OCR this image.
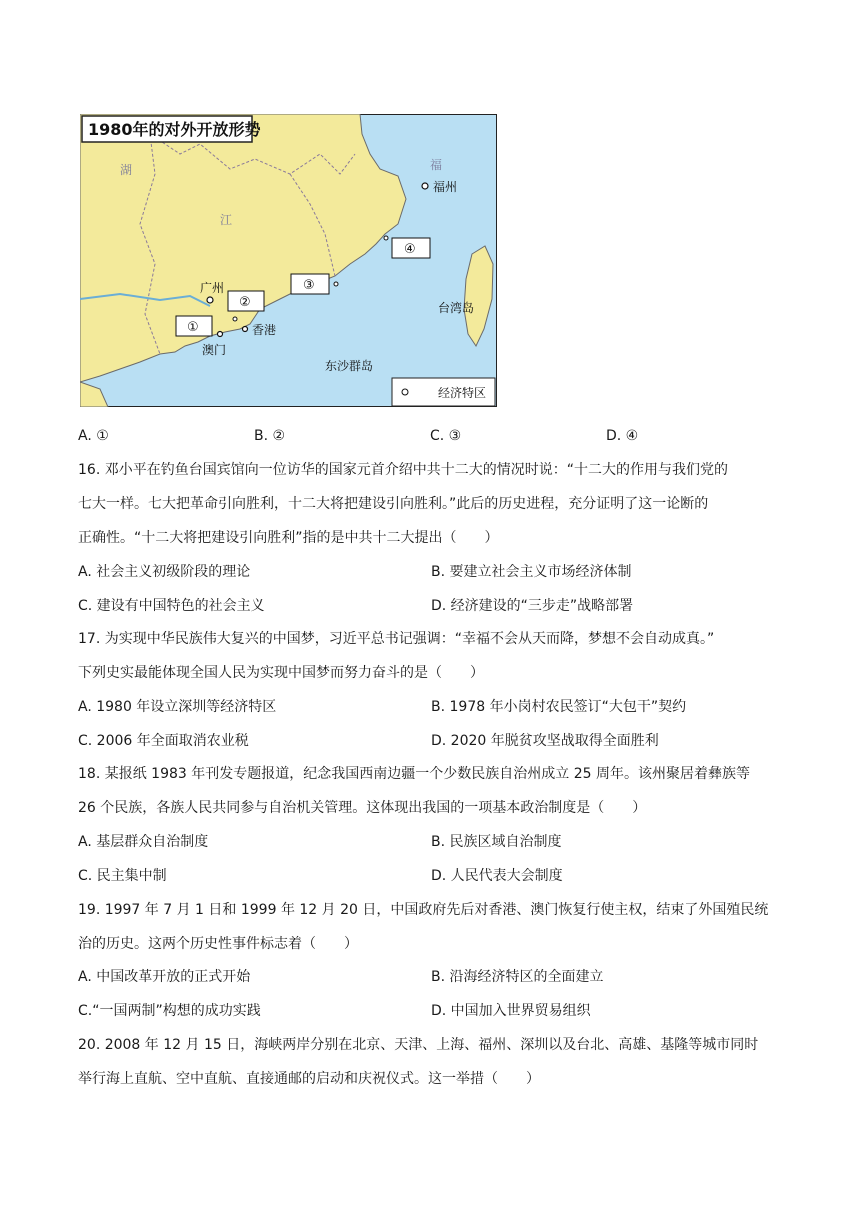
1980年的对外开放形势
福
湖
江
福州
广州
香港
澳门
台湾岛
东沙群岛
①
②
③
④
经济特区
A. ①	B. ②	C. ③	D. ④
16. 邓小平在钓鱼台国宾馆向一位访华的国家元首介绍中共十二大的情况时说：“十二大的作用与我们党的
七大一样。七大把革命引向胜利，十二大将把建设引向胜利。”此后的历史进程，充分证明了这一论断的
正确性。“十二大将把建设引向胜利”指的是中共十二大提出（　　）
A. 社会主义初级阶段的理论	B. 要建立社会主义市场经济体制
C. 建设有中国特色的社会主义	D. 经济建设的“三步走”战略部署
17. 为实现中华民族伟大复兴的中国梦，习近平总书记强调：“幸福不会从天而降，梦想不会自动成真。”
下列史实最能体现全国人民为实现中国梦而努力奋斗的是（　　）
A. 1980 年设立深圳等经济特区	B. 1978 年小岗村农民签订“大包干”契约
C. 2006 年全面取消农业税	D. 2020 年脱贫攻坚战取得全面胜利
18. 某报纸 1983 年刊发专题报道，纪念我国西南边疆一个少数民族自治州成立 25 周年。该州聚居着彝族等
26 个民族，各族人民共同参与自治机关管理。这体现出我国的一项基本政治制度是（　　）
A. 基层群众自治制度	B. 民族区域自治制度
C. 民主集中制	D. 人民代表大会制度
19. 1997 年 7 月 1 日和 1999 年 12 月 20 日，中国政府先后对香港、澳门恢复行使主权，结束了外国殖民统
治的历史。这两个历史性事件标志着（　　）
A. 中国改革开放的正式开始	B. 沿海经济特区的全面建立
C.“一国两制”构想的成功实践	D. 中国加入世界贸易组织
20. 2008 年 12 月 15 日，海峡两岸分别在北京、天津、上海、福州、深圳以及台北、高雄、基隆等城市同时
举行海上直航、空中直航、直接通邮的启动和庆祝仪式。这一举措（　　）
